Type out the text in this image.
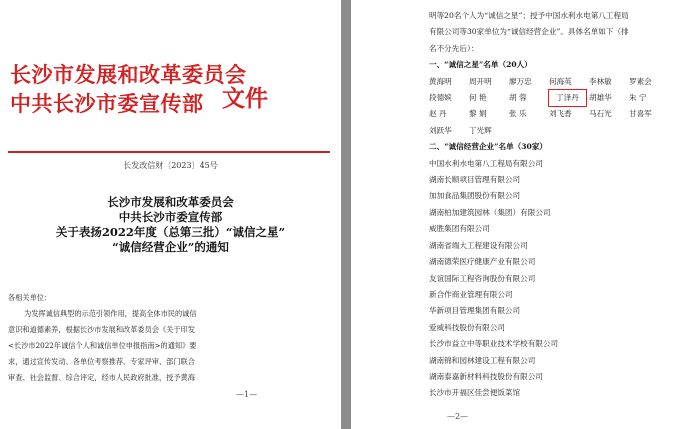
长沙市发展和改革委员会
中共长沙市委宣传部 文件
长发改信财〔2023〕45号
长沙市发展和改革委员会
中共长沙市委宣传部
关于表扬2022年度（总第三批）“诚信之星”
“诚信经营企业”的通知

各相关单位：

为发挥诚信典型的示范引领作用，提高全体市民的诚信

意识和道德素养，根据长沙市发展和改革委员会《关于印发

<长沙市2022年诚信个人和诚信单位申报指南>的通知》要

求，通过宣传发动、各单位考察推荐、专家评审、部门联合

审查、社会监督、综合评定，经市人民政府批准，授予黄海

—1—
明等20名个人为“诚信之星”；授予中国水利水电第八工程局
有限公司等30家单位为“诚信经营企业”。具体名单如下（排
名不分先后）：
一、“诚信之星”名单（20人）
黄海明	周开明	廖万忠	何海英	李林敏	罗素会
段德嫔	何 艳	胡 蓉	丁泽丹	胡雄华	朱 宁
赵 丹	黎 娟	张 乐	刘飞香	马石光	甘喜军
刘跃华	丁光辉
二、“诚信经营企业”名单（30家）
中国水利水电第八工程局有限公司
湖南长顺项目管理有限公司
加加食品集团股份有限公司
湖南柏加建筑园林（集团）有限公司
威胜集团有限公司
湖南省端大工程建设有限公司
湖南德荣医疗健康产业有限公司
友谊国际工程咨询股份有限公司
新合作商业管理有限公司
华新项目管理集团有限公司
爱威科技股份有限公司
长沙市益立中等职业技术学校有限公司
湖南锦和园林建设工程有限公司
湖南泰嘉新材料科技股份有限公司
长沙市开福区佳尝便饭菜馆
—2—
